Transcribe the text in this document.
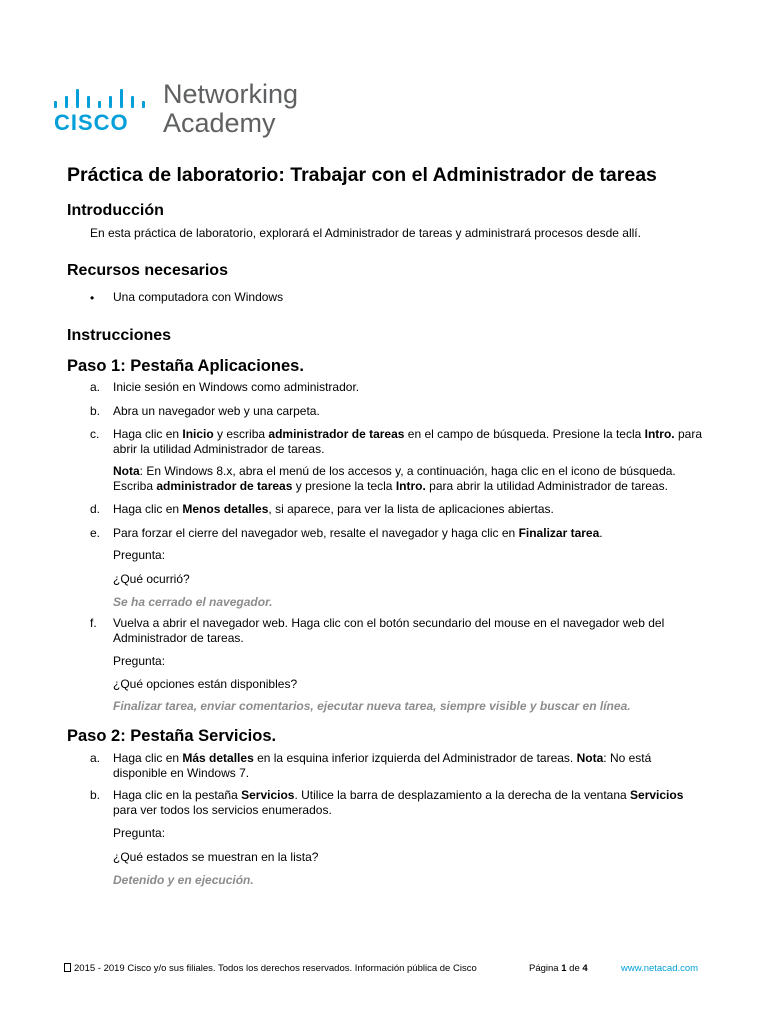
CISCO
Networking
Academy
Práctica de laboratorio: Trabajar con el Administrador de tareas
Introducción

En esta práctica de laboratorio, explorará el Administrador de tareas y administrará procesos desde allí.

Recursos necesarios
• Una computadora con Windows

Instrucciones
Paso 1: Pestaña Aplicaciones.
a. Inicie sesión en Windows como administrador.

b. Abra un navegador web y una carpeta.

c. Haga clic en Inicio y escriba administrador de tareas en el campo de búsqueda. Presione la tecla Intro. para abrir la utilidad Administrador de tareas.

Nota: En Windows 8.x, abra el menú de los accesos y, a continuación, haga clic en el icono de búsqueda. Escriba administrador de tareas y presione la tecla Intro. para abrir la utilidad Administrador de tareas.

d. Haga clic en Menos detalles, si aparece, para ver la lista de aplicaciones abiertas.

e. Para forzar el cierre del navegador web, resalte el navegador y haga clic en Finalizar tarea.

Pregunta:

¿Qué ocurrió?

Se ha cerrado el navegador.

f. Vuelva a abrir el navegador web. Haga clic con el botón secundario del mouse en el navegador web del Administrador de tareas.

Pregunta:

¿Qué opciones están disponibles?

Finalizar tarea, enviar comentarios, ejecutar nueva tarea, siempre visible y buscar en línea.

Paso 2: Pestaña Servicios.
a. Haga clic en Más detalles en la esquina inferior izquierda del Administrador de tareas. Nota: No está disponible en Windows 7.

b. Haga clic en la pestaña Servicios. Utilice la barra de desplazamiento a la derecha de la ventana Servicios para ver todos los servicios enumerados.

Pregunta:

¿Qué estados se muestran en la lista?

Detenido y en ejecución.

2015 - 2019 Cisco y/o sus filiales. Todos los derechos reservados. Información pública de Cisco	Página 1 de 4	www.netacad.com
